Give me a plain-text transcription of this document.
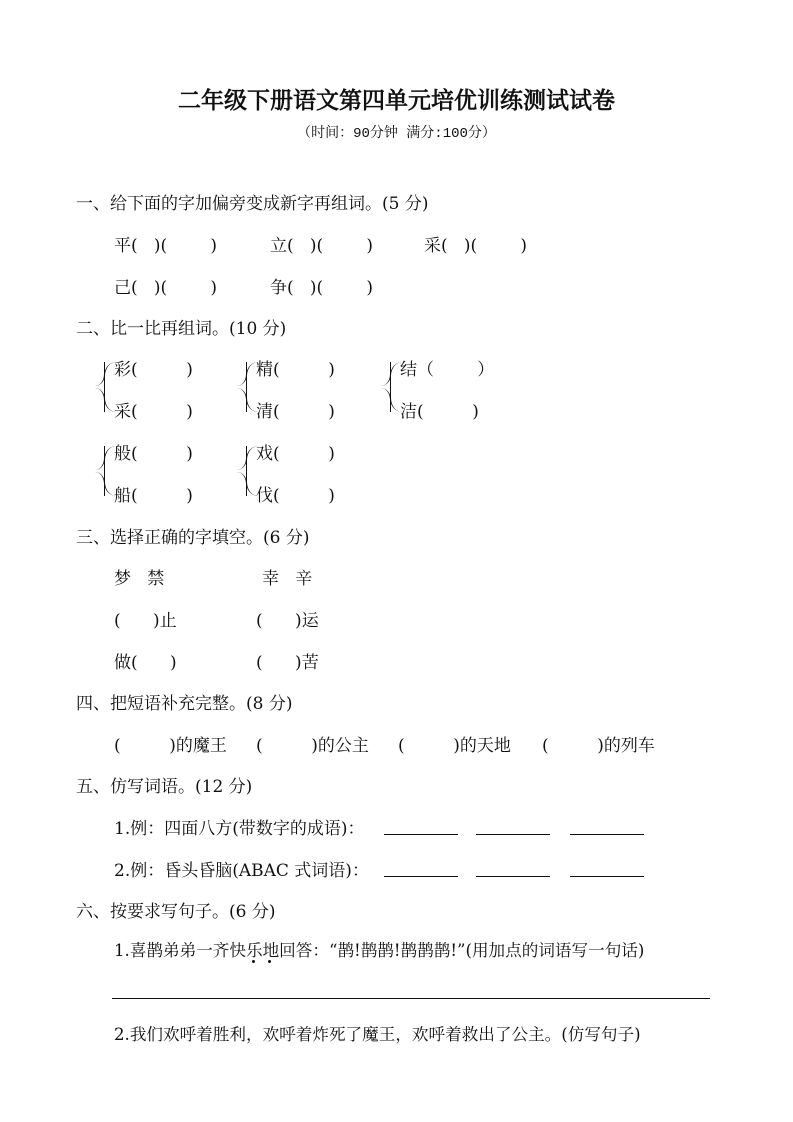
二年级下册语文第四单元培优训练测试试卷
（时间：90分钟 满分:100分）
一、给下面的字加偏旁变成新字再组词。(5 分)
平(   )(        )	立(   )(        )	采(   )(        )
己(   )(        )	争(   )(        )
二、比一比再组词。(10 分)
彩(         )
采(         )
精(         )
清(         )
结（        ）
洁(         )
般(         )
船(         )
戏(         )
伐(         )
三、选择正确的字填空。(6 分)
梦   禁	幸   辛
(      )止	(      )运
做(      )	(      )苦
四、把短语补充完整。(8 分)
(         )的魔王 (         )的公主 (         )的天地 (         )的列车
五、仿写词语。(12 分)
1.例：四面八方(带数字的成语)：
2.例：昏头昏脑(ABAC 式词语)：
六、按要求写句子。(6 分)
1.喜鹊弟弟一齐快乐地回答：“鹊!鹊鹊!鹊鹊鹊!”(用加点的词语写一句话)
2.我们欢呼着胜利，欢呼着炸死了魔王，欢呼着救出了公主。(仿写句子)
